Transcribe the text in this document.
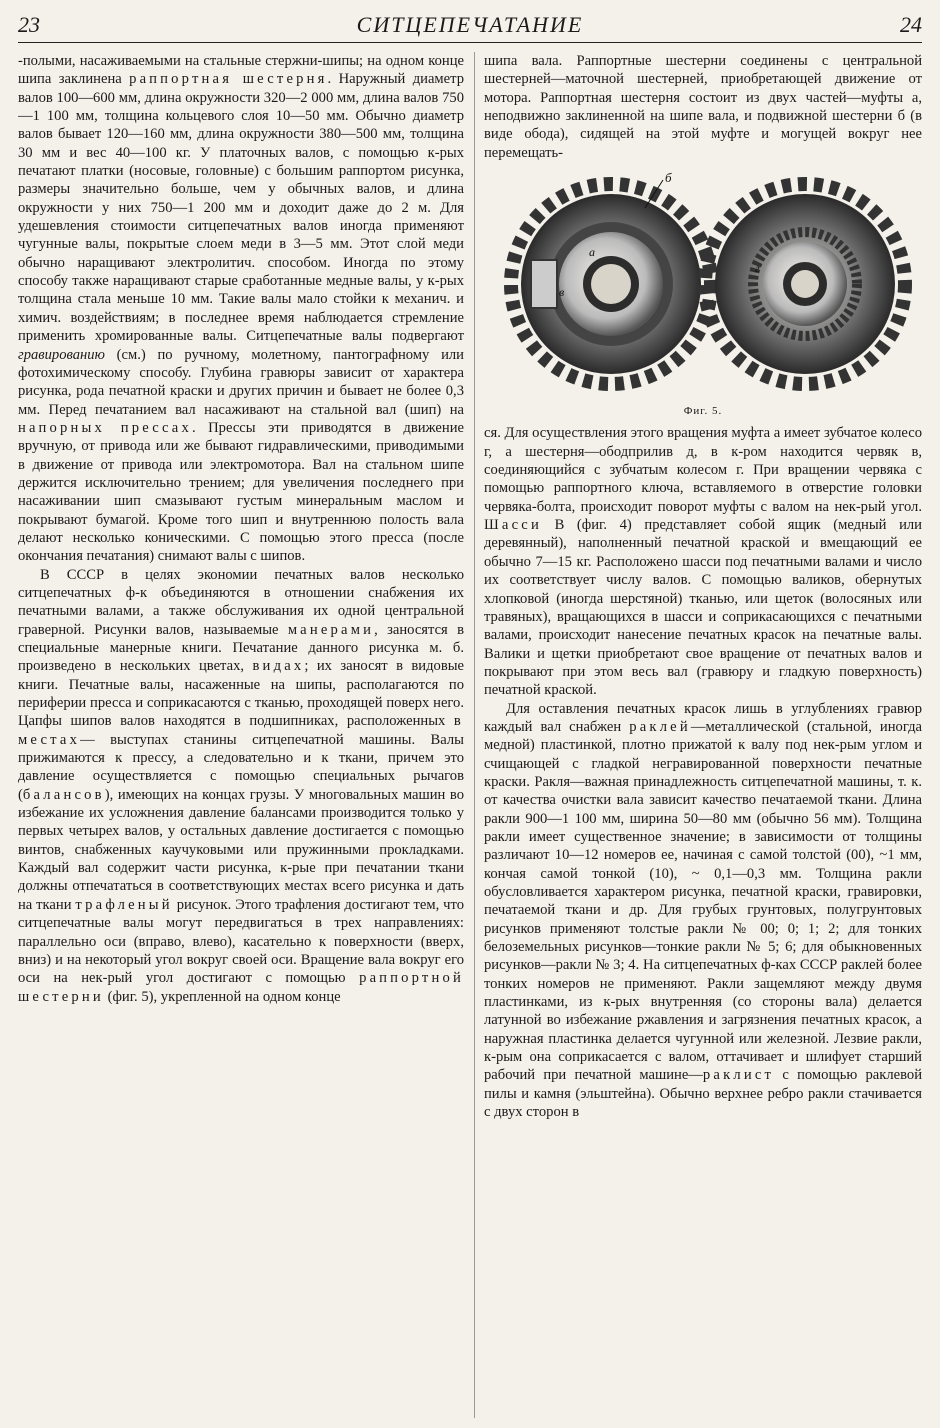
23	СИТЦЕПЕЧАТАНИЕ	24

-полыми, насаживаемыми на стальные стержни-шипы; на одном конце шипа заклинена раппортная шестерня. Наружный диаметр валов 100—600 мм, длина окружности 320—2 000 мм, длина валов 750—1 100 мм, толщина кольцевого слоя 10—50 мм. Обычно диаметр валов бывает 120—160 мм, длина окружности 380—500 мм, толщина 30 мм и вес 40—100 кг. У платочных валов, с помощью к-рых печатают платки (носовые, головные) с большим раппортом рисунка, размеры значительно больше, чем у обычных валов, и длина окружности у них 750—1 200 мм и доходит даже до 2 м. Для удешевления стоимости ситцепечатных валов иногда применяют чугунные валы, покрытые слоем меди в 3—5 мм. Этот слой меди обычно наращивают электролитич. способом. Иногда по этому способу также наращивают старые сработанные медные валы, у к-рых толщина стала меньше 10 мм. Такие валы мало стойки к механич. и химич. воздействиям; в последнее время наблюдается стремление применить хромированные валы. Ситцепечатные валы подвергают гравированию (см.) по ручному, молетному, пантографному или фотохимическому способу. Глубина гравюры зависит от характера рисунка, рода печатной краски и других причин и бывает не более 0,3 мм. Перед печатанием вал насаживают на стальной вал (шип) на напорных прессах. Прессы эти приводятся в движение вручную, от привода или же бывают гидравлическими, приводимыми в движение от привода или электромотора. Вал на стальном шипе держится исключительно трением; для увеличения последнего при насаживании шип смазывают густым минеральным маслом и покрывают бумагой. Кроме того шип и внутреннюю полость вала делают несколько коническими. С помощью этого пресса (после окончания печатания) снимают валы с шипов.

В СССР в целях экономии печатных валов несколько ситцепечатных ф-к объединяются в отношении снабжения их печатными валами, а также обслуживания их одной центральной граверной. Рисунки валов, называемые манерами, заносятся в специальные манерные книги. Печатание данного рисунка м. б. произведено в нескольких цветах, видах; их заносят в видовые книги. Печатные валы, насаженные на шипы, располагаются по периферии пресса и соприкасаются с тканью, проходящей поверх него. Цапфы шипов валов находятся в подшипниках, расположенных в местах— выступах станины ситцепечатной машины. Валы прижимаются к прессу, а следовательно и к ткани, причем это давление осуществляется с помощью специальных рычагов (балансов), имеющих на концах грузы. У многовальных машин во избежание их усложнения давление балансами производится только у первых четырех валов, у остальных давление достигается с помощью винтов, снабженных каучуковыми или пружинными прокладками. Каждый вал содержит части рисунка, к-рые при печатании ткани должны отпечататься в соответствующих местах всего рисунка и дать на ткани трафленый рисунок. Этого трафления достигают тем, что ситцепечатные валы могут передвигаться в трех направлениях: параллельно оси (вправо, влево), касательно к поверхности (вверх, вниз) и на некоторый угол вокруг своей оси. Вращение вала вокруг его оси на нек-рый угол достигают с помощью раппортной шестерни (фиг. 5), укрепленной на одном конце

шипа вала. Раппортные шестерни соединены с центральной шестерней—маточной шестерней, приобретающей движение от мотора. Раппортная шестерня состоит из двух частей—муфты а, неподвижно заклиненной на шипе вала, и подвижной шестерни б (в виде обода), сидящей на этой муфте и могущей вокруг нее перемещать-

а
в
г
б
Фиг. 5.

ся. Для осуществления этого вращения муфта а имеет зубчатое колесо г, а шестерня—ободприлив д, в к-ром находится червяк в, соединяющийся с зубчатым колесом г. При вращении червяка с помощью раппортного ключа, вставляемого в отверстие головки червяка-болта, происходит поворот муфты с валом на нек-рый угол. Шасси В (фиг. 4) представляет собой ящик (медный или деревянный), наполненный печатной краской и вмещающий ее обычно 7—15 кг. Расположено шасси под печатными валами и число их соответствует числу валов. С помощью валиков, обернутых хлопковой (иногда шерстяной) тканью, или щеток (волосяных или травяных), вращающихся в шасси и соприкасающихся с печатными валами, происходит нанесение печатных красок на печатные валы. Валики и щетки приобретают свое вращение от печатных валов и покрывают при этом весь вал (гравюру и гладкую поверхность) печатной краской.

Для оставления печатных красок лишь в углублениях гравюр каждый вал снабжен раклей—металлической (стальной, иногда медной) пластинкой, плотно прижатой к валу под нек-рым углом и счищающей с гладкой негравированной поверхности печатные краски. Ракля—важная принадлежность ситцепечатной машины, т. к. от качества очистки вала зависит качество печатаемой ткани. Длина ракли 900—1 100 мм, ширина 50—80 мм (обычно 56 мм). Толщина ракли имеет существенное значение; в зависимости от толщины различают 10—12 номеров ее, начиная с самой толстой (00), ~1 мм, кончая самой тонкой (10), ~ 0,1—0,3 мм. Толщина ракли обусловливается характером рисунка, печатной краски, гравировки, печатаемой ткани и др. Для грубых грунтовых, полугрунтовых рисунков применяют толстые ракли № 00; 0; 1; 2; для тонких белоземельных рисунков—тонкие ракли № 5; 6; для обыкновенных рисунков—ракли № 3; 4. На ситцепечатных ф-ках СССР раклей более тонких номеров не применяют. Ракли защемляют между двумя пластинками, из к-рых внутренняя (со стороны вала) делается латунной во избежание ржавления и загрязнения печатных красок, а наружная пластинка делается чугунной или железной. Лезвие ракли, к-рым она соприкасается с валом, оттачивает и шлифует старший рабочий при печатной машине—раклист с помощью раклевой пилы и камня (эльштейна). Обычно верхнее ребро ракли стачивается с двух сторон в
